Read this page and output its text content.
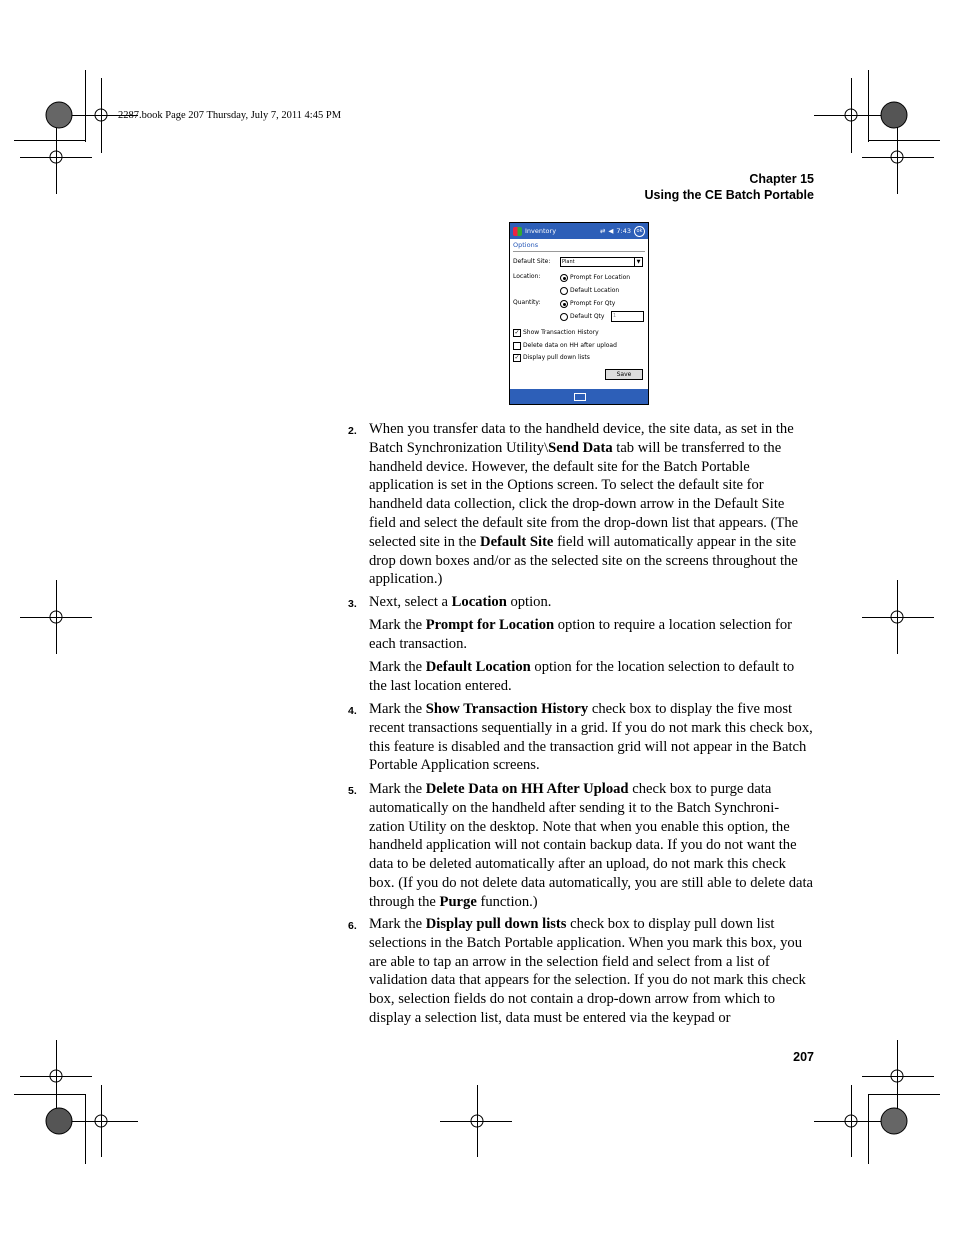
2287.book Page 207 Thursday, July 7, 2011 4:45 PM
Chapter 15
Using the CE Batch Portable
Inventory	⇄ ◀ 7:43	ok
Options
Default Site:	Plant	▼
Location:	Prompt For Location
Default Location
Quantity:	Prompt For Qty
Default Qty	1
✓ Show Transaction History
Delete data on HH after upload
✓ Display pull down lists
Save
2. When you transfer data to the handheld device, the site data, as set in the Batch Synchronization Utility\Send Data tab will be transferred to the handheld device. However, the default site for the Batch Portable application is set in the Options screen. To select the default site for handheld data collection, click the drop-down arrow in the Default Site field and select the default site from the drop-down list that appears. (The selected site in the Default Site field will automatically appear in the site drop down boxes and/or as the selected site on the screens throughout the application.)
3. Next, select a Location option.
Mark the Prompt for Location option to require a location selection for each transaction.
Mark the Default Location option for the location selection to default to the last location entered.
4. Mark the Show Transaction History check box to display the five most recent transactions sequentially in a grid. If you do not mark this check box, this feature is disabled and the transaction grid will not appear in the Batch Portable Application screens.
5. Mark the Delete Data on HH After Upload check box to purge data automatically on the handheld after sending it to the Batch Synchroni-zation Utility on the desktop. Note that when you enable this option, the handheld application will not contain backup data. If you do not want the data to be deleted automatically after an upload, do not mark this check box. (If you do not delete data automatically, you are still able to delete data through the Purge function.)
6. Mark the Display pull down lists check box to display pull down list selections in the Batch Portable application. When you mark this box, you are able to tap an arrow in the selection field and select from a list of validation data that appears for the selection. If you do not mark this check box, selection fields do not contain a drop-down arrow from which to display a selection list, data must be entered via the keypad or
207
